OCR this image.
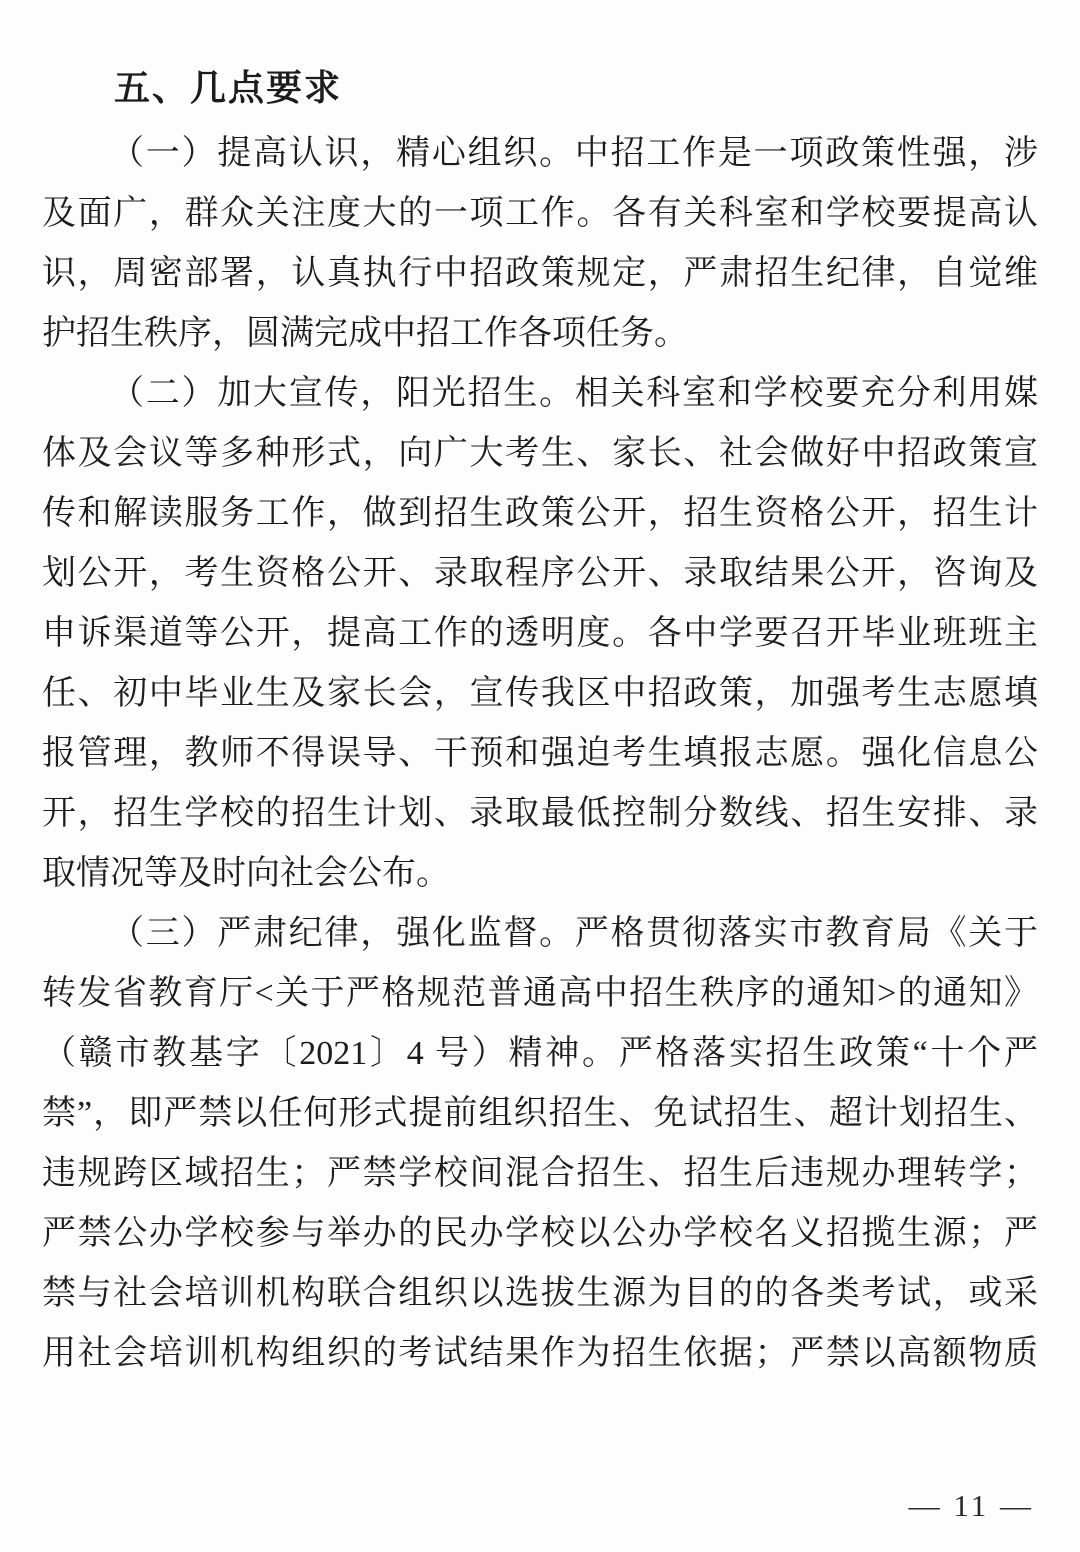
五、几点要求
（一）提高认识，精心组织。中招工作是一项政策性强，涉
及面广，群众关注度大的一项工作。各有关科室和学校要提高认
识，周密部署，认真执行中招政策规定，严肃招生纪律，自觉维
护招生秩序，圆满完成中招工作各项任务。
（二）加大宣传，阳光招生。相关科室和学校要充分利用媒
体及会议等多种形式，向广大考生、家长、社会做好中招政策宣
传和解读服务工作，做到招生政策公开，招生资格公开，招生计
划公开，考生资格公开、录取程序公开、录取结果公开，咨询及
申诉渠道等公开，提高工作的透明度。各中学要召开毕业班班主
任、初中毕业生及家长会，宣传我区中招政策，加强考生志愿填
报管理，教师不得误导、干预和强迫考生填报志愿。强化信息公
开，招生学校的招生计划、录取最低控制分数线、招生安排、录
取情况等及时向社会公布。
（三）严肃纪律，强化监督。严格贯彻落实市教育局《关于
转发省教育厅<关于严格规范普通高中招生秩序的通知>的通知》
（赣市教基字〔2021〕4 号）精神。严格落实招生政策“十个严
禁”，即严禁以任何形式提前组织招生、免试招生、超计划招生、
违规跨区域招生；严禁学校间混合招生、招生后违规办理转学；
严禁公办学校参与举办的民办学校以公办学校名义招揽生源；严
禁与社会培训机构联合组织以选拔生源为目的的各类考试，或采
用社会培训机构组织的考试结果作为招生依据；严禁以高额物质
— 11 —
